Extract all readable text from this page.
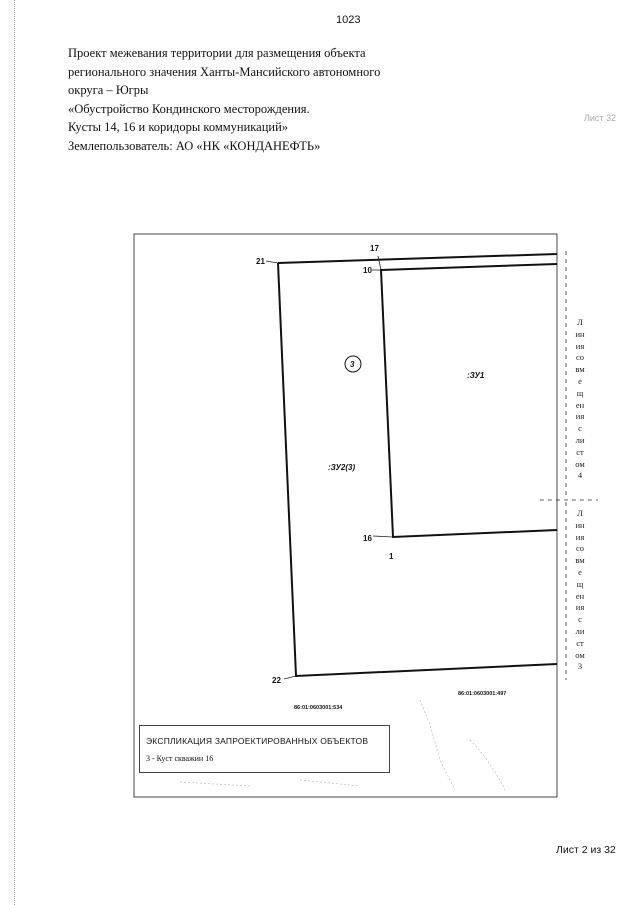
1023
Проект межевания территории для размещения объекта
регионального значения Ханты-Мансийского автономного
округа – Югры
«Обустройство Кондинского месторождения.
Кусты 14, 16 и коридоры коммуникаций»
Землепользователь: АО «НК «КОНДАНЕФТЬ»
Лист 32
21
17
10
16
1
22
:ЗУ1
:ЗУ2(3)
3
86:01:0603001:534
86:01:0603001:497
Л
ин
ия
со
вм
е
щ
ен
ия
с
ли
ст
ом
4
Л
ин
ия
со
вм
е
щ
ен
ия
с
ли
ст
ом
3
ЭКСПЛИКАЦИЯ ЗАПРОЕКТИРОВАННЫХ ОБЪЕКТОВ
3 - Куст скважин 16
Лист 2 из 32
